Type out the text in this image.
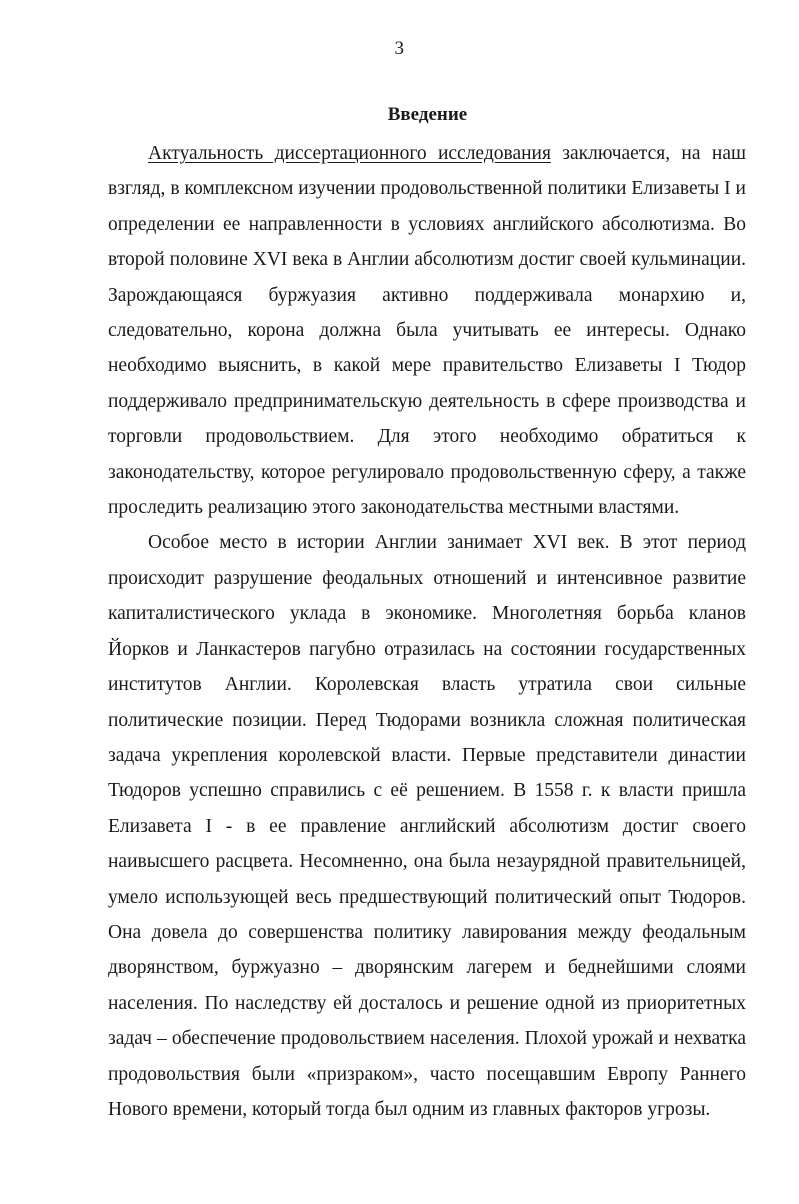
3
Введение

Актуальность диссертационного исследования заключается, на наш взгляд, в комплексном изучении продовольственной политики Елизаветы I и определении ее направленности в условиях английского абсолютизма. Во второй половине XVI века в Англии абсолютизм достиг своей кульминации. Зарождающаяся буржуазия активно поддерживала монархию и, следовательно, корона должна была учитывать ее интересы. Однако необходимо выяснить, в какой мере правительство Елизаветы I Тюдор поддерживало предпринимательскую деятельность в сфере производства и торговли продовольствием. Для этого необходимо обратиться к законодательству, которое регулировало продовольственную сферу, а также проследить реализацию этого законодательства местными властями.

Особое место в истории Англии занимает XVI век. В этот период происходит разрушение феодальных отношений и интенсивное развитие капиталистического уклада в экономике. Многолетняя борьба кланов Йорков и Ланкастеров пагубно отразилась на состоянии государственных институтов Англии. Королевская власть утратила свои сильные политические позиции. Перед Тюдорами возникла сложная политическая задача укрепления королевской власти. Первые представители династии Тюдоров успешно справились с её решением. В 1558 г. к власти пришла Елизавета I - в ее правление английский абсолютизм достиг своего наивысшего расцвета. Несомненно, она была незаурядной правительницей, умело использующей весь предшествующий политический опыт Тюдоров. Она довела до совершенства политику лавирования между феодальным дворянством, буржуазно – дворянским лагерем и беднейшими слоями населения. По наследству ей досталось и решение одной из приоритетных задач – обеспечение продовольствием населения. Плохой урожай и нехватка продовольствия были «призраком», часто посещавшим Европу Раннего Нового времени, который тогда был одним из главных факторов угрозы.
